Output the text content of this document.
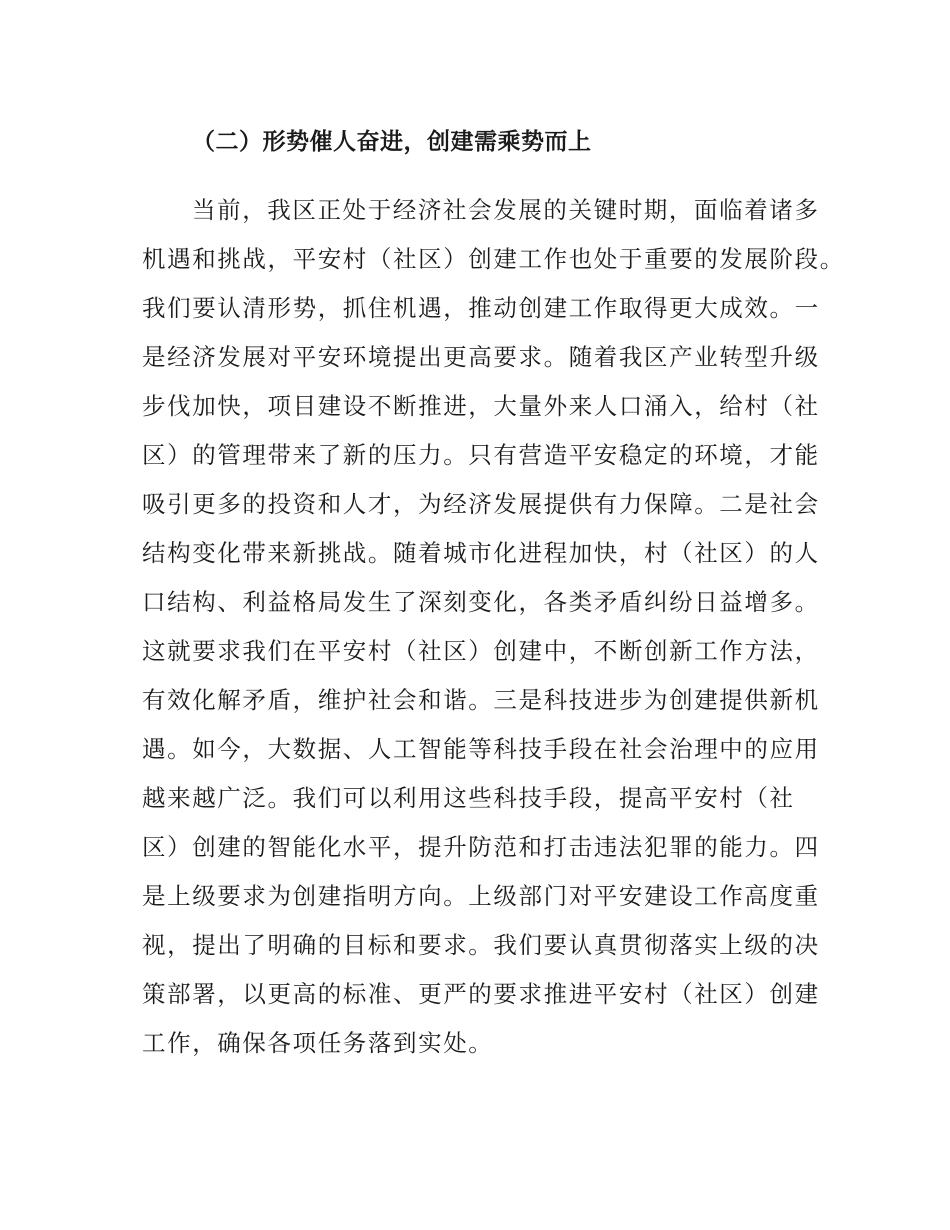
（二）形势催人奋进，创建需乘势而上
当前，我区正处于经济社会发展的关键时期，面临着诸多
机遇和挑战，平安村（社区）创建工作也处于重要的发展阶段。
我们要认清形势，抓住机遇，推动创建工作取得更大成效。一
是经济发展对平安环境提出更高要求。随着我区产业转型升级
步伐加快，项目建设不断推进，大量外来人口涌入，给村（社
区）的管理带来了新的压力。只有营造平安稳定的环境，才能
吸引更多的投资和人才，为经济发展提供有力保障。二是社会
结构变化带来新挑战。随着城市化进程加快，村（社区）的人
口结构、利益格局发生了深刻变化，各类矛盾纠纷日益增多。
这就要求我们在平安村（社区）创建中，不断创新工作方法，
有效化解矛盾，维护社会和谐。三是科技进步为创建提供新机
遇。如今，大数据、人工智能等科技手段在社会治理中的应用
越来越广泛。我们可以利用这些科技手段，提高平安村（社
区）创建的智能化水平，提升防范和打击违法犯罪的能力。四
是上级要求为创建指明方向。上级部门对平安建设工作高度重
视，提出了明确的目标和要求。我们要认真贯彻落实上级的决
策部署，以更高的标准、更严的要求推进平安村（社区）创建
工作，确保各项任务落到实处。
